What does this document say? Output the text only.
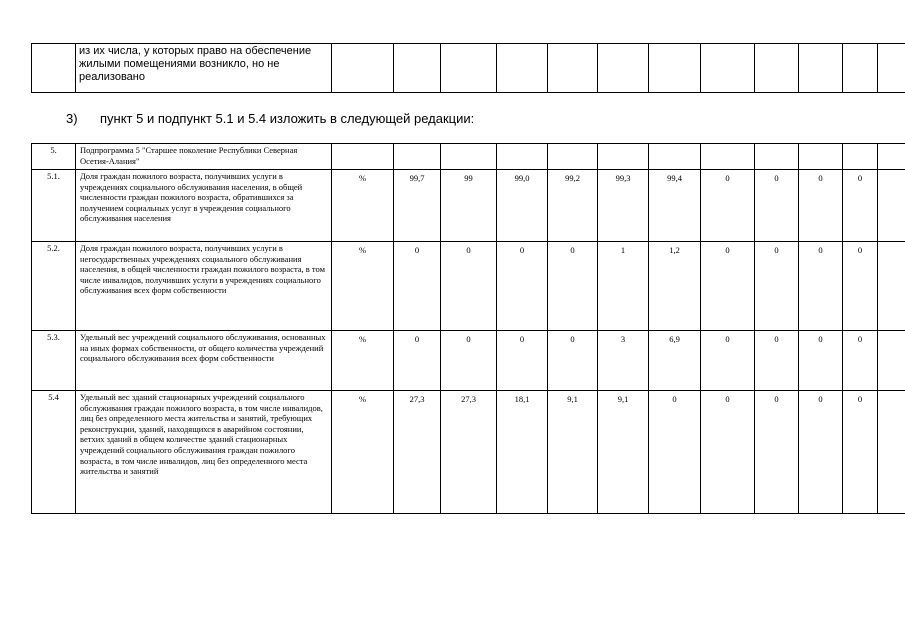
	из их числа, у которых право на обеспечение жилыми помещениями возникло, но не реализовано												
3) пункт 5 и подпункт 5.1 и 5.4 изложить в следующей редакции:
5.	Подпрограмма 5 "Старшее поколение Республики Северная Осетия-Алания"												
5.1.	Доля граждан пожилого возраста, получивших услуги в учреждениях социального обслуживания населения, в общей численности граждан пожилого возраста, обратившихся за получением социальных услуг в учреждения социального обслуживания населения	%	99,7	99	99,0	99,2	99,3	99,4	0	0	0	0	
5.2.	Доля граждан пожилого возраста, получивших услуги в негосударственных учреждениях социального обслуживания населения, в общей численности граждан пожилого возраста, в том числе инвалидов, получивших услуги в учреждениях социального обслуживания всех форм собственности	%	0	0	0	0	1	1,2	0	0	0	0	
5.3.	Удельный вес учреждений социального обслуживания, основанных на иных формах собственности, от общего количества учреждений социального обслуживания всех форм собственности	%	0	0	0	0	3	6,9	0	0	0	0	
5.4	Удельный вес зданий стационарных учреждений социального обслуживания граждан пожилого возраста, в том числе инвалидов, лиц без определенного места жительства и занятий, требующих реконструкции, зданий, находящихся в аварийном состоянии, ветхих зданий в общем количестве зданий стационарных учреждений социального обслуживания граждан пожилого возраста, в том числе инвалидов, лиц без определенного места жительства и занятий	%	27,3	27,3	18,1	9,1	9,1	0	0	0	0	0	
